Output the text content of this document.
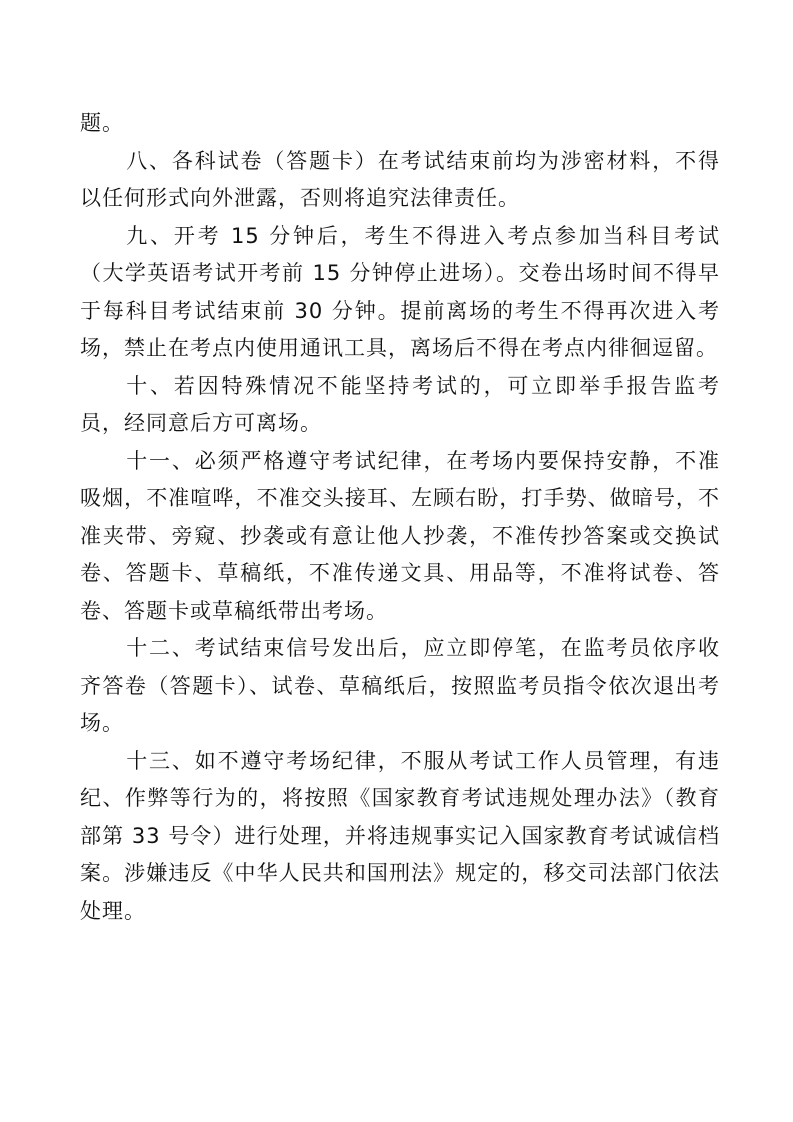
题。

八、各科试卷（答题卡）在考试结束前均为涉密材料，不得以任何形式向外泄露，否则将追究法律责任。

九、开考 15 分钟后，考生不得进入考点参加当科目考试（大学英语考试开考前 15 分钟停止进场）。交卷出场时间不得早于每科目考试结束前 30 分钟。提前离场的考生不得再次进入考场，禁止在考点内使用通讯工具，离场后不得在考点内徘徊逗留。

十、若因特殊情况不能坚持考试的，可立即举手报告监考员，经同意后方可离场。

十一、必须严格遵守考试纪律，在考场内要保持安静，不准吸烟，不准喧哗，不准交头接耳、左顾右盼，打手势、做暗号，不准夹带、旁窥、抄袭或有意让他人抄袭，不准传抄答案或交换试卷、答题卡、草稿纸，不准传递文具、用品等，不准将试卷、答卷、答题卡或草稿纸带出考场。

十二、考试结束信号发出后，应立即停笔，在监考员依序收齐答卷（答题卡）、试卷、草稿纸后，按照监考员指令依次退出考场。

十三、如不遵守考场纪律，不服从考试工作人员管理，有违纪、作弊等行为的，将按照《国家教育考试违规处理办法》（教育部第 33 号令）进行处理，并将违规事实记入国家教育考试诚信档案。涉嫌违反《中华人民共和国刑法》规定的，移交司法部门依法处理。
